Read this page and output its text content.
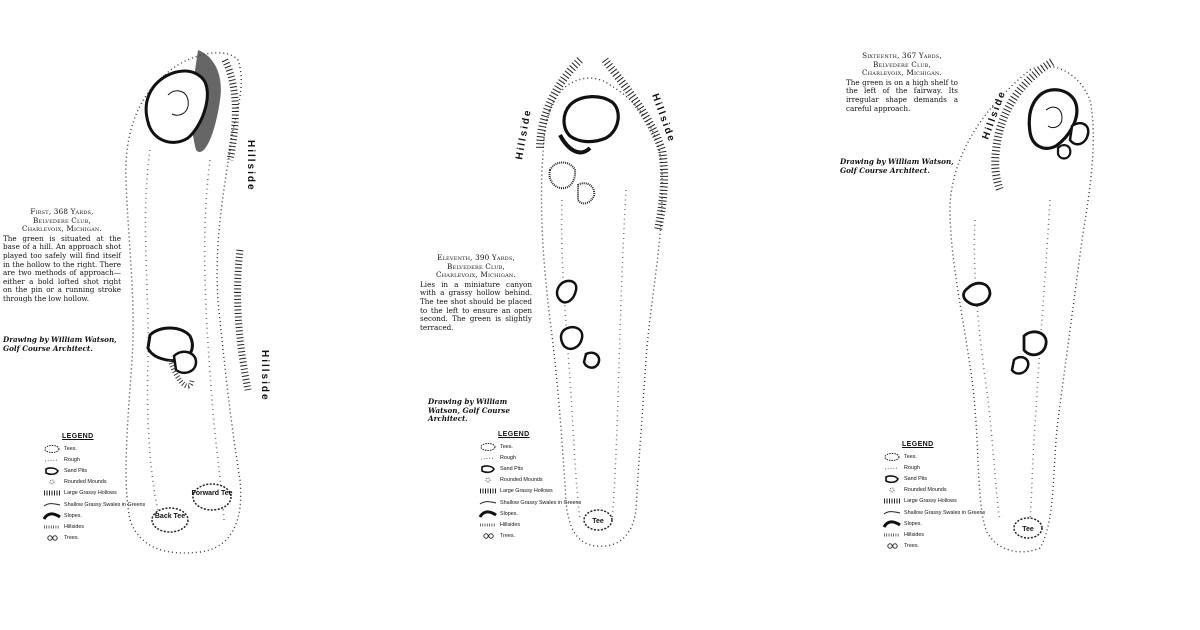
Back Tee
Forward Tee
Hillside
Hillside
First, 368 Yards,
Belvedere Club,
Charlevoix, Michigan.
The green is situated at the base of a hill. An approach shot played too safely will find itself in the hollow to the right. There are two methods of approach—either a bold lofted shot right on the pin or a running stroke through the low hollow.
Drawing by William Watson, Golf Course Architect.
LEGEND
Tees.
Rough
Sand Pits
Rounded Mounds
Large Grassy Hollows
Shallow Grassy Swales in Greens
Slopes.
Hillsides
Trees.
Tee
Hillside	Hillside
Eleventh, 390 Yards,
Belvedere Club,
Charlevoix, Michigan.
Lies in a miniature canyon with a grassy hollow behind. The tee shot should be placed to the left to ensure an open second. The green is slightly terraced.
Drawing by William Watson, Golf Course Architect.
LEGEND
Tees.
Rough
Sand Pits
Rounded Mounds
Large Grassy Hollows
Shallow Grassy Swales in Greens
Slopes.
Hillsides
Trees.
Tee
Hillside
Sixteenth, 367 Yards,
Belvedere Club,
Charlevoix, Michigan.
The green is on a high shelf to the left of the fairway. Its irregular shape demands a careful approach.
Drawing by William Watson, Golf Course Architect.
LEGEND
Tees.
Rough
Sand Pits
Rounded Mounds
Large Grassy Hollows
Shallow Grassy Swales in Greens
Slopes.
Hillsides
Trees.
